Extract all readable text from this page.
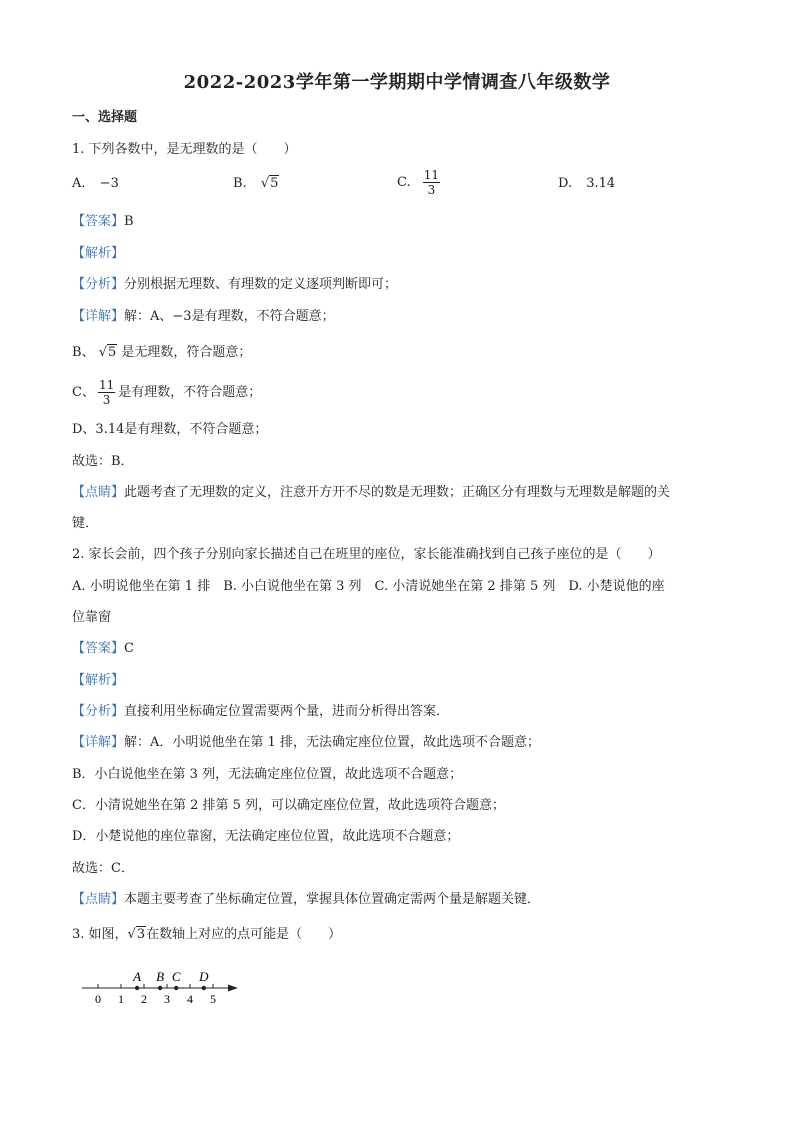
2022-2023学年第一学期期中学情调查八年级数学
一、选择题
1. 下列各数中，是无理数的是（　　）
A. −3	B. √5	C. $\frac{11}{3}$	D. 3.14
【答案】B
【解析】
【分析】分别根据无理数、有理数的定义逐项判断即可；
【详解】解：A、−3是有理数，不符合题意；
B、 √5 是无理数，符合题意；
C、 $\frac{11}{3}$ 是有理数，不符合题意；
D、3.14是有理数，不符合题意；
故选：B．
【点睛】此题考查了无理数的定义，注意开方开不尽的数是无理数；正确区分有理数与无理数是解题的关
键．
2. 家长会前，四个孩子分别向家长描述自己在班里的座位，家长能准确找到自己孩子座位的是（　　）
A. 小明说他坐在第 1 排　B. 小白说他坐在第 3 列　C. 小清说她坐在第 2 排第 5 列　D. 小楚说他的座
位靠窗
【答案】C
【解析】
【分析】直接利用坐标确定位置需要两个量，进而分析得出答案．
【详解】解：A．小明说他坐在第 1 排，无法确定座位位置，故此选项不合题意；
B．小白说他坐在第 3 列，无法确定座位位置，故此选项不合题意；
C．小清说她坐在第 2 排第 5 列，可以确定座位位置，故此选项符合题意；
D．小楚说他的座位靠窗，无法确定座位位置，故此选项不合题意；
故选：C．
【点睛】本题主要考查了坐标确定位置，掌握具体位置确定需两个量是解题关键．
3. 如图，√3在数轴上对应的点可能是（　　）
0 1 2 3 4 5
A B C D
